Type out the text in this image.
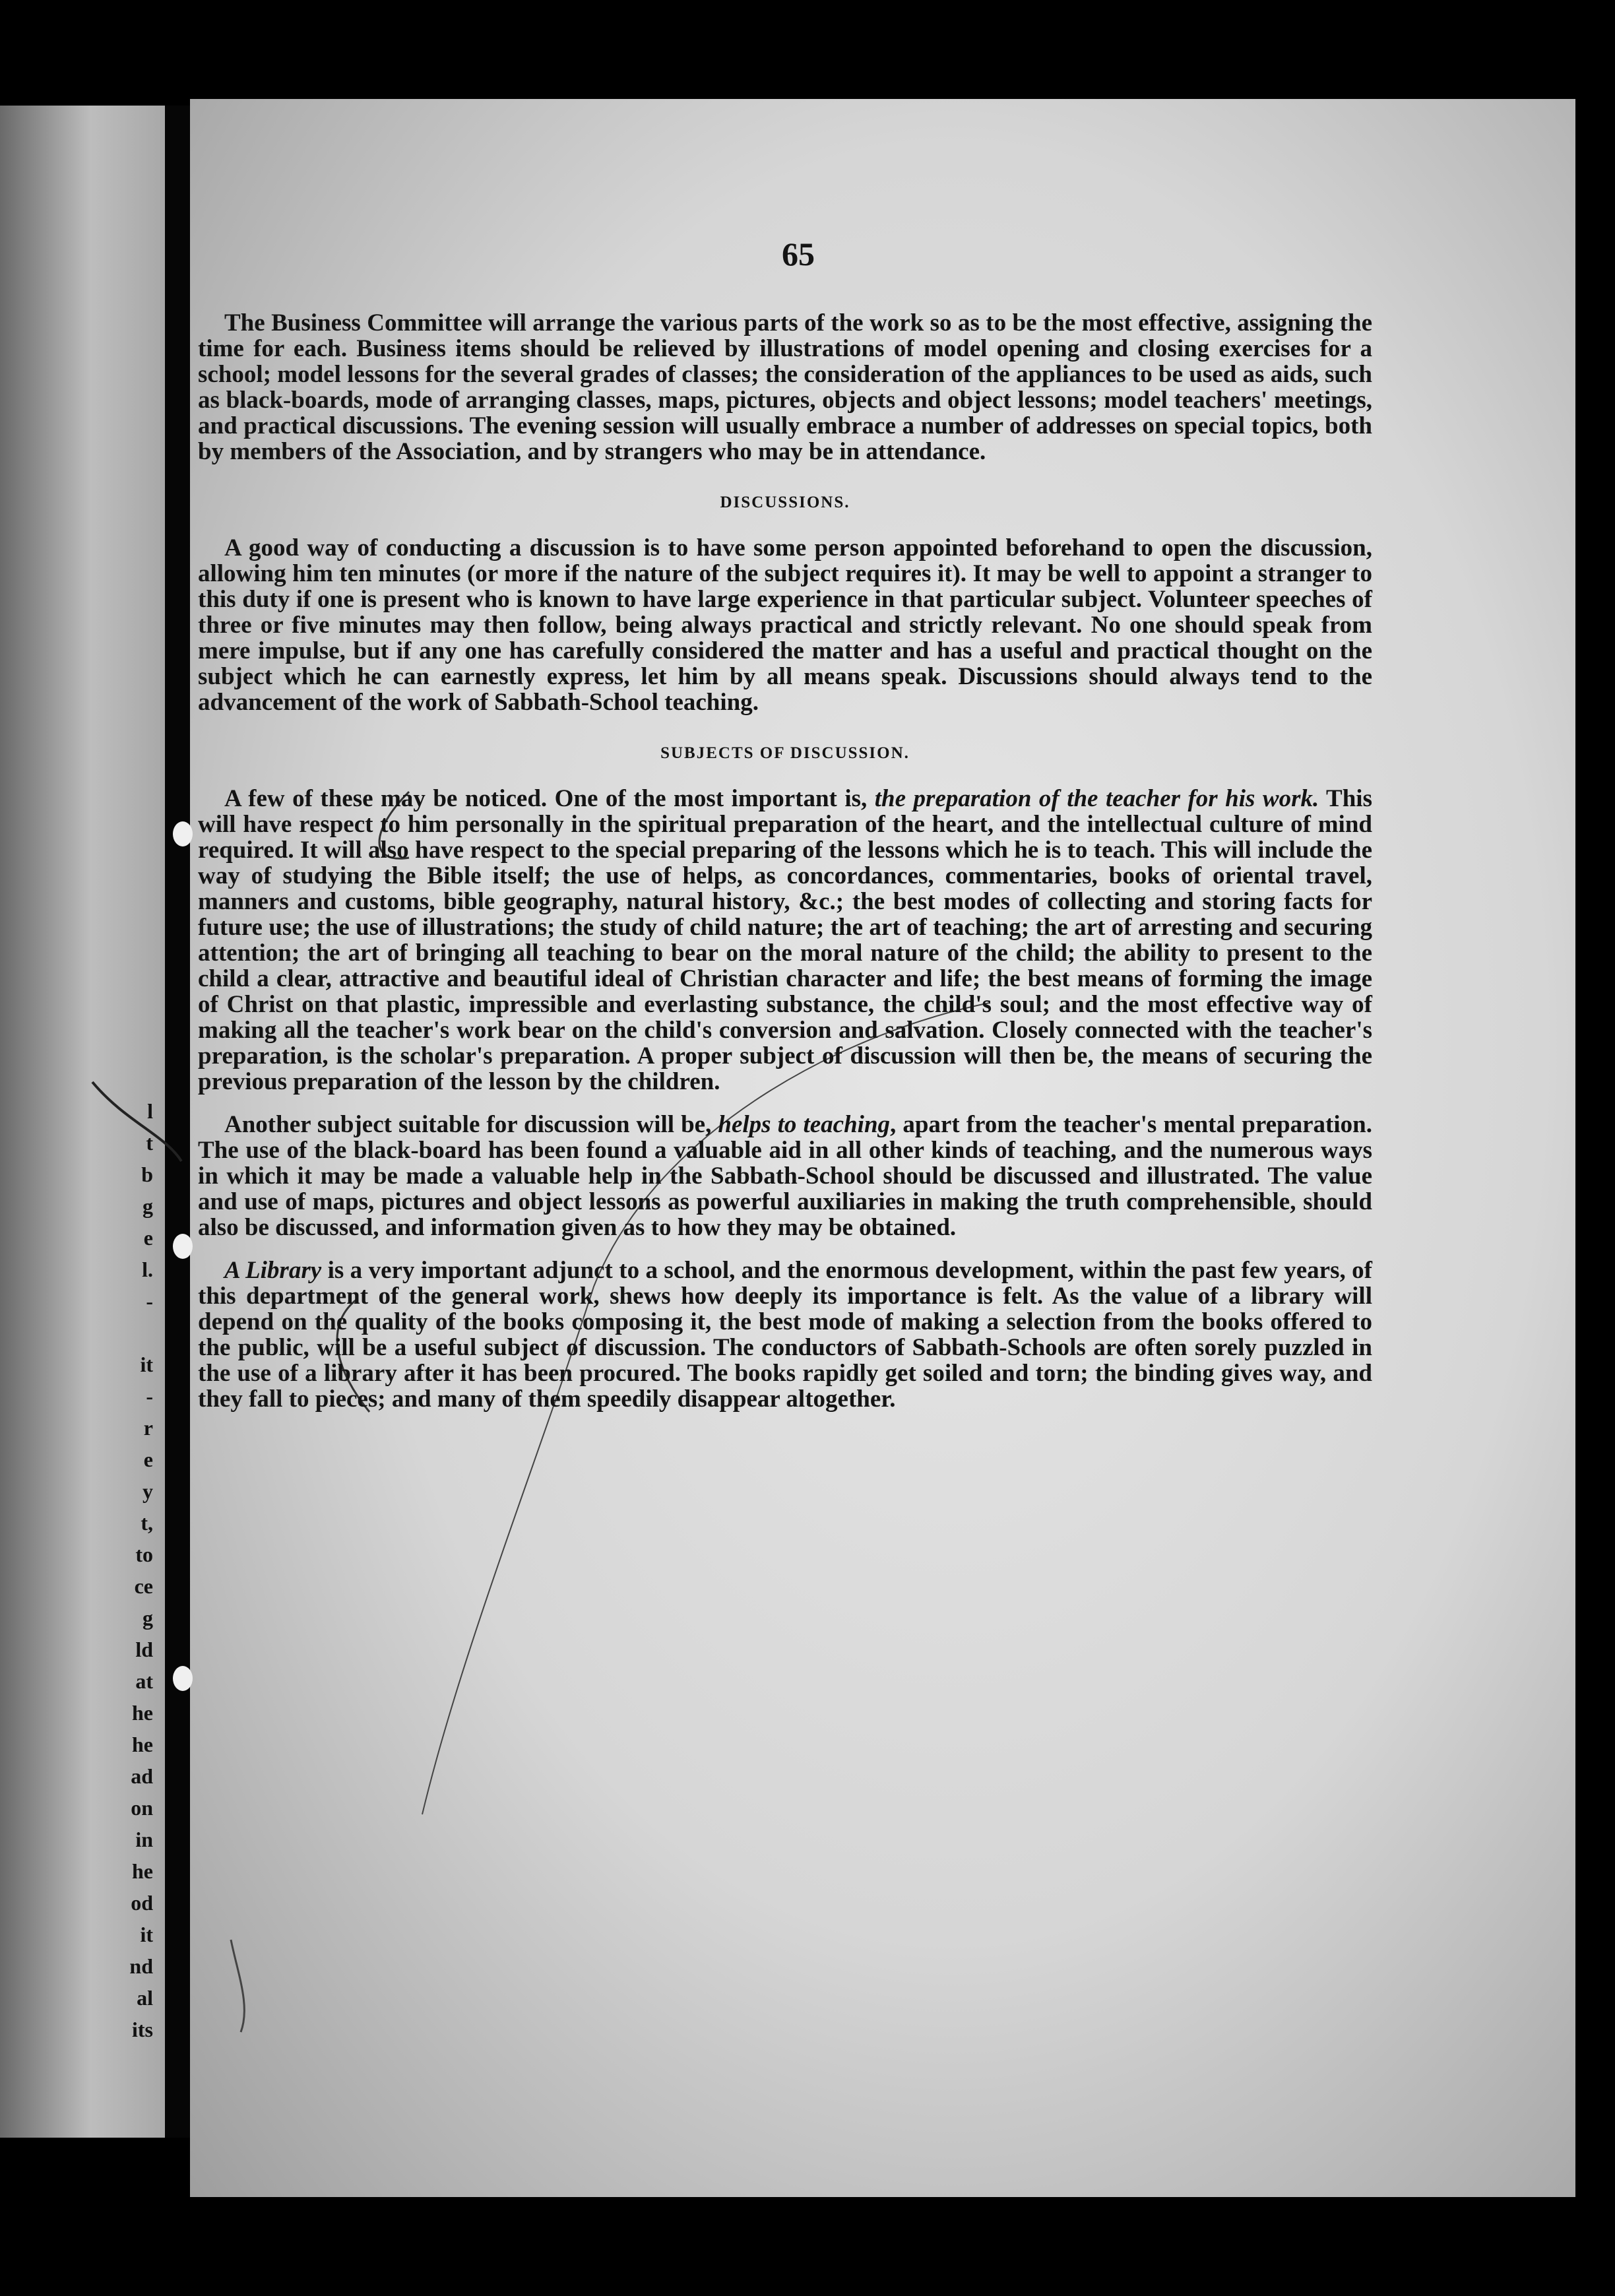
l
t
b
g
e
l.
-

it
-
r
e
y
t,
to
ce
g
ld
at
he
he
ad
on
in
he
od
it
nd
al
its
65

The Business Committee will arrange the various parts of the work so as to be the most effective, assigning the time for each. Business items should be relieved by illustrations of model opening and closing exercises for a school; model lessons for the several grades of classes; the consideration of the appliances to be used as aids, such as black-boards, mode of arranging classes, maps, pictures, objects and object lessons; model teachers' meetings, and practical discussions. The evening session will usually embrace a number of addresses on special topics, both by members of the Association, and by strangers who may be in attendance.

DISCUSSIONS.

A good way of conducting a discussion is to have some person appointed beforehand to open the discussion, allowing him ten minutes (or more if the nature of the subject requires it). It may be well to appoint a stranger to this duty if one is present who is known to have large experience in that particular subject. Volunteer speeches of three or five minutes may then follow, being always practical and strictly relevant. No one should speak from mere impulse, but if any one has carefully considered the matter and has a useful and practical thought on the subject which he can earnestly express, let him by all means speak. Discussions should always tend to the advancement of the work of Sabbath-School teaching.

SUBJECTS OF DISCUSSION.

A few of these may be noticed. One of the most important is, the preparation of the teacher for his work. This will have respect to him personally in the spiritual preparation of the heart, and the intellectual culture of mind required. It will also have respect to the special preparing of the lessons which he is to teach. This will include the way of studying the Bible itself; the use of helps, as concordances, commentaries, books of oriental travel, manners and customs, bible geography, natural history, &c.; the best modes of collecting and storing facts for future use; the use of illustrations; the study of child nature; the art of teaching; the art of arresting and securing attention; the art of bringing all teaching to bear on the moral nature of the child; the ability to present to the child a clear, attractive and beautiful ideal of Christian character and life; the best means of forming the image of Christ on that plastic, impressible and everlasting substance, the child's soul; and the most effective way of making all the teacher's work bear on the child's conversion and salvation. Closely connected with the teacher's preparation, is the scholar's preparation. A proper subject of discussion will then be, the means of securing the previous preparation of the lesson by the children.

Another subject suitable for discussion will be, helps to teaching, apart from the teacher's mental preparation. The use of the black-board has been found a valuable aid in all other kinds of teaching, and the numerous ways in which it may be made a valuable help in the Sabbath-School should be discussed and illustrated. The value and use of maps, pictures and object lessons as powerful auxiliaries in making the truth comprehensible, should also be discussed, and information given as to how they may be obtained.

A Library is a very important adjunct to a school, and the enormous development, within the past few years, of this department of the general work, shews how deeply its importance is felt. As the value of a library will depend on the quality of the books composing it, the best mode of making a selection from the books offered to the public, will be a useful subject of discussion. The conductors of Sabbath-Schools are often sorely puzzled in the use of a library after it has been procured. The books rapidly get soiled and torn; the binding gives way, and they fall to pieces; and many of them speedily disappear altogether.
